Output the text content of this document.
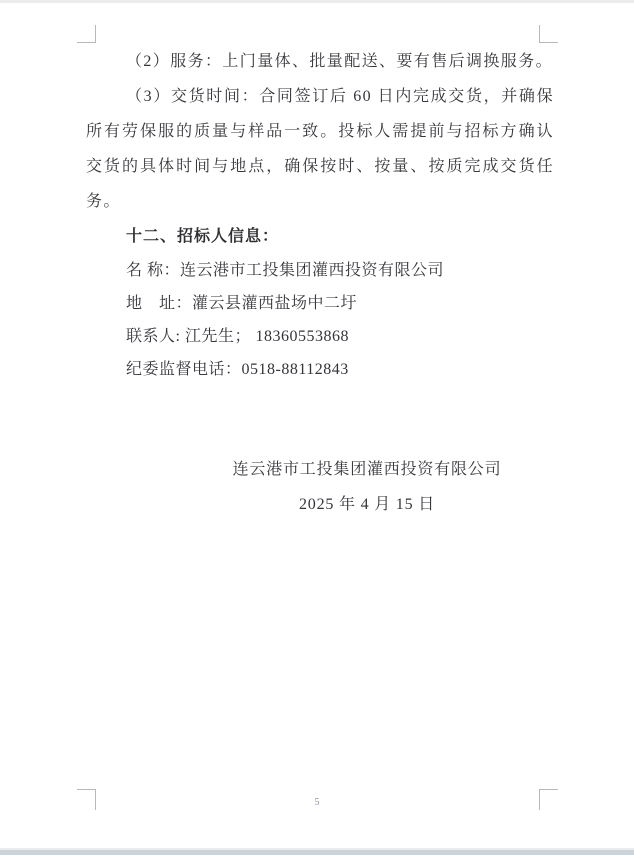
（2）服务：上门量体、批量配送、要有售后调换服务。

（3）交货时间：合同签订后 60 日内完成交货，并确保所有劳保服的质量与样品一致。投标人需提前与招标方确认交货的具体时间与地点，确保按时、按量、按质完成交货任务。

十二、招标人信息：

名 称：连云港市工投集团灌西投资有限公司

地　址：灌云县灌西盐场中二圩

联系人: 江先生； 18360553868

纪委监督电话：0518-88112843

连云港市工投集团灌西投资有限公司

2025 年 4 月 15 日

5
